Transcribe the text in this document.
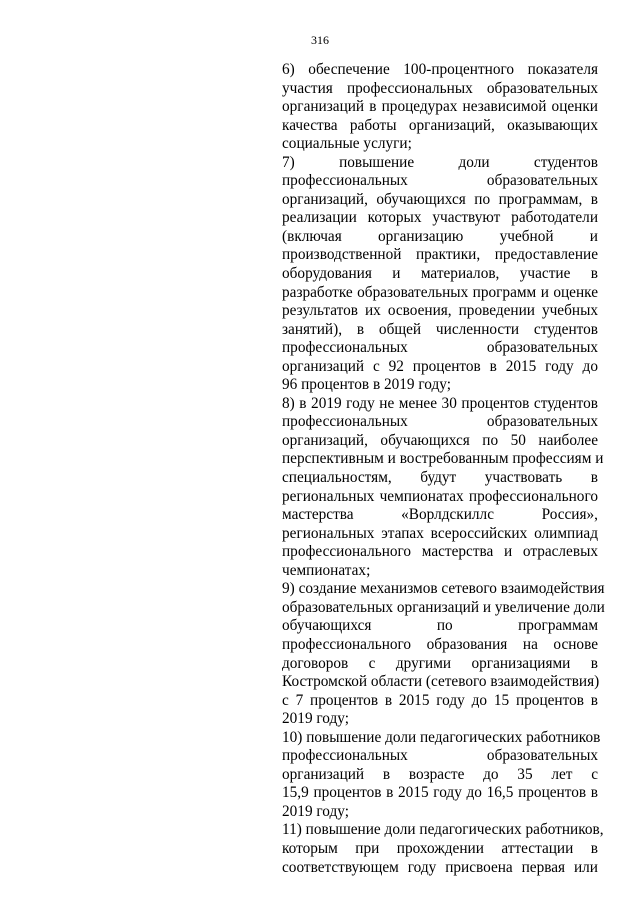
316

6) обеспечение 100-процентного показателя
участия профессиональных образовательных
организаций в процедурах независимой оценки
качества работы организаций, оказывающих
социальные услуги;

7) повышение доли студентов
профессиональных образовательных
организаций, обучающихся по программам, в
реализации которых участвуют работодатели
(включая организацию учебной и
производственной практики, предоставление
оборудования и материалов, участие в
разработке образовательных программ и оценке
результатов их освоения, проведении учебных
занятий), в общей численности студентов
профессиональных образовательных
организаций с 92 процентов в 2015 году до
96 процентов в 2019 году;

8) в 2019 году не менее 30 процентов студентов
профессиональных образовательных
организаций, обучающихся по 50 наиболее
перспективным и востребованным профессиям и
специальностям, будут участвовать в
региональных чемпионатах профессионального
мастерства «Ворлдскиллс Россия»,
региональных этапах всероссийских олимпиад
профессионального мастерства и отраслевых
чемпионатах;

9) создание механизмов сетевого взаимодействия
образовательных организаций и увеличение доли
обучающихся по программам
профессионального образования на основе
договоров с другими организациями в
Костромской области (сетевого взаимодействия)
с 7 процентов в 2015 году до 15 процентов в
2019 году;

10) повышение доли педагогических работников
профессиональных образовательных
организаций в возрасте до 35 лет с
15,9 процентов в 2015 году до 16,5 процентов в
2019 году;

11) повышение доли педагогических работников,
которым при прохождении аттестации в
соответствующем году присвоена первая или
